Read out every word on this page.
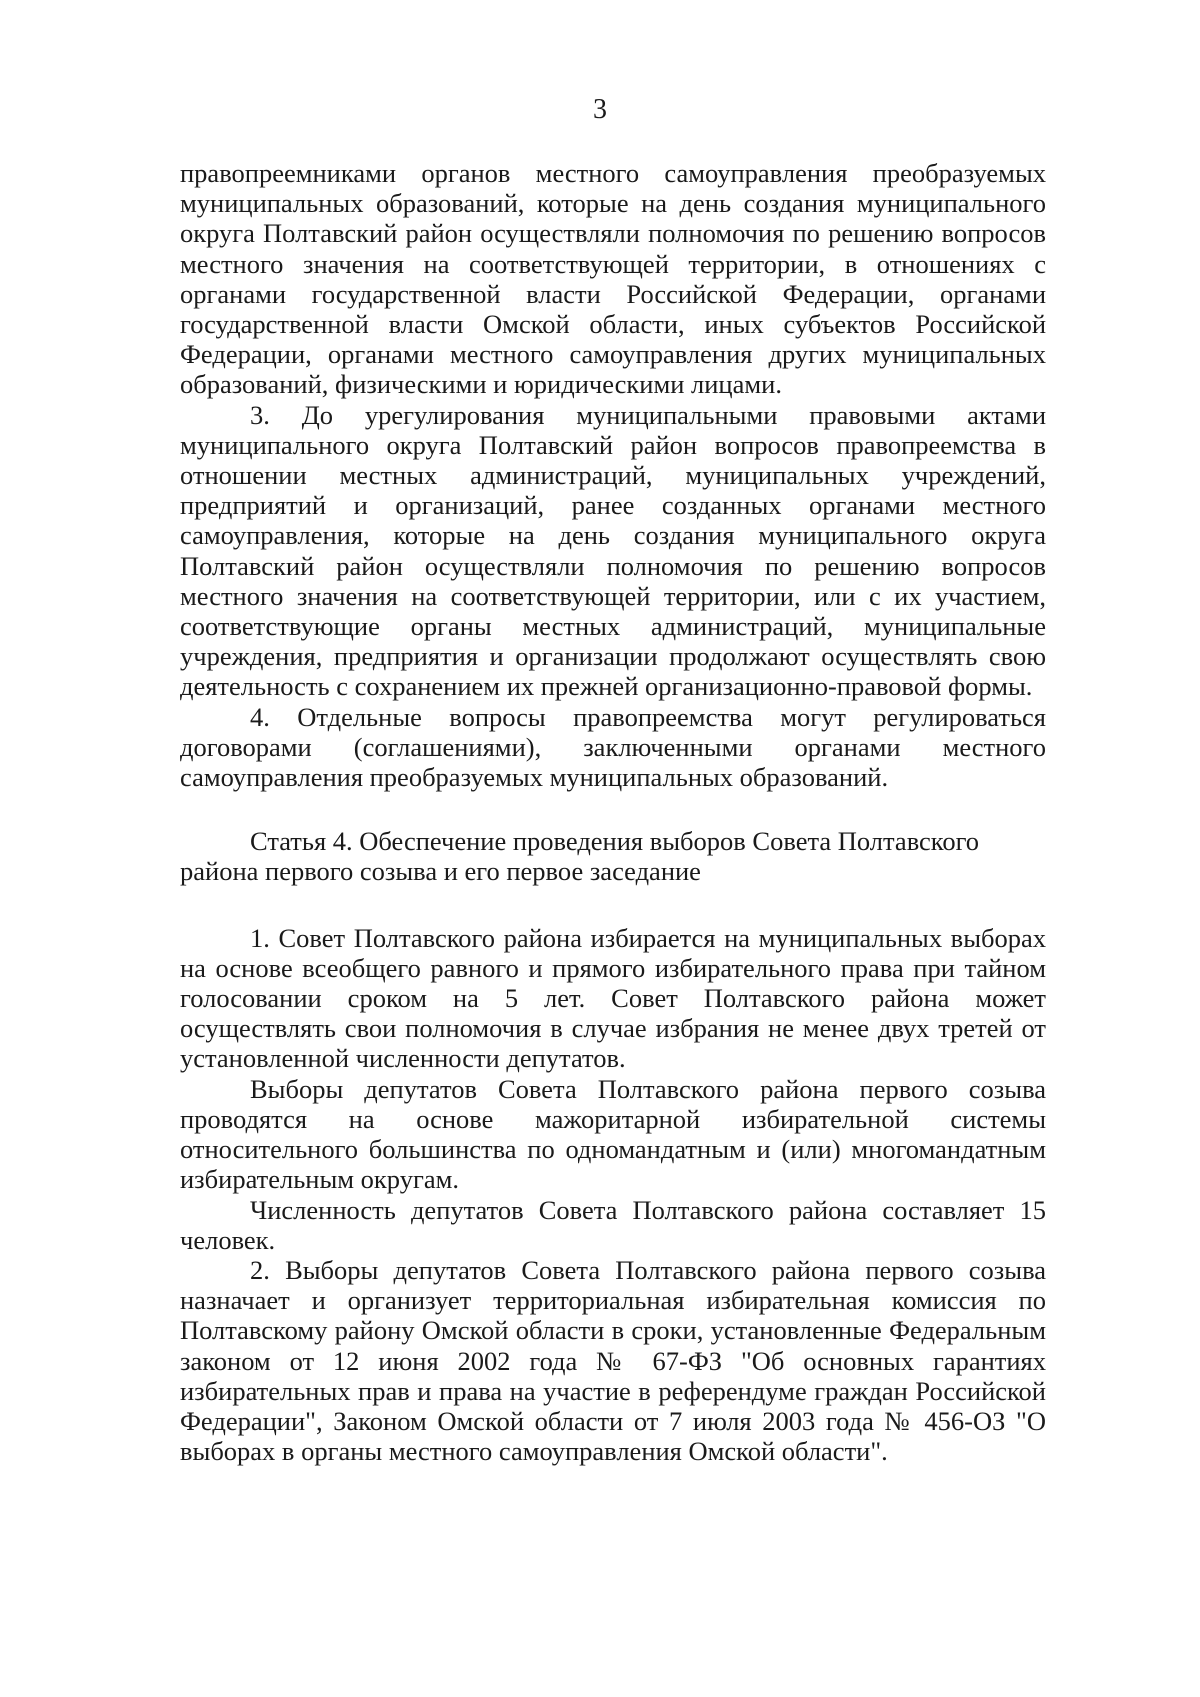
3

правопреемниками органов местного самоуправления преобразуемых муниципальных образований, которые на день создания муниципального округа Полтавский район осуществляли полномочия по решению вопросов местного значения на соответствующей территории, в отношениях с органами государственной власти Российской Федерации, органами государственной власти Омской области, иных субъектов Российской Федерации, органами местного самоуправления других муниципальных образований, физическими и юридическими лицами.

3. До урегулирования муниципальными правовыми актами муниципального округа Полтавский район вопросов правопреемства в отношении местных администраций, муниципальных учреждений, предприятий и организаций, ранее созданных органами местного самоуправления, которые на день создания муниципального округа Полтавский район осуществляли полномочия по решению вопросов местного значения на соответствующей территории, или с их участием, соответствующие органы местных администраций, муниципальные учреждения, предприятия и организации продолжают осуществлять свою деятельность с сохранением их прежней организационно-правовой формы.

4. Отдельные вопросы правопреемства могут регулироваться договорами (соглашениями), заключенными органами местного самоуправления преобразуемых муниципальных образований.

Статья 4. Обеспечение проведения выборов Совета Полтавского района первого созыва и его первое заседание

1. Совет Полтавского района избирается на муниципальных выборах на основе всеобщего равного и прямого избирательного права при тайном голосовании сроком на 5 лет. Совет Полтавского района может осуществлять свои полномочия в случае избрания не менее двух третей от установленной численности депутатов.

Выборы депутатов Совета Полтавского района первого созыва проводятся на основе мажоритарной избирательной системы относительного большинства по одномандатным и (или) многомандатным избирательным округам.

Численность депутатов Совета Полтавского района составляет 15 человек.

2. Выборы депутатов Совета Полтавского района первого созыва назначает и организует территориальная избирательная комиссия по Полтавскому району Омской области в сроки, установленные Федеральным законом от 12 июня 2002 года № 67-ФЗ "Об основных гарантиях избирательных прав и права на участие в референдуме граждан Российской Федерации", Законом Омской области от 7 июля 2003 года № 456-ОЗ "О выборах в органы местного самоуправления Омской области".
